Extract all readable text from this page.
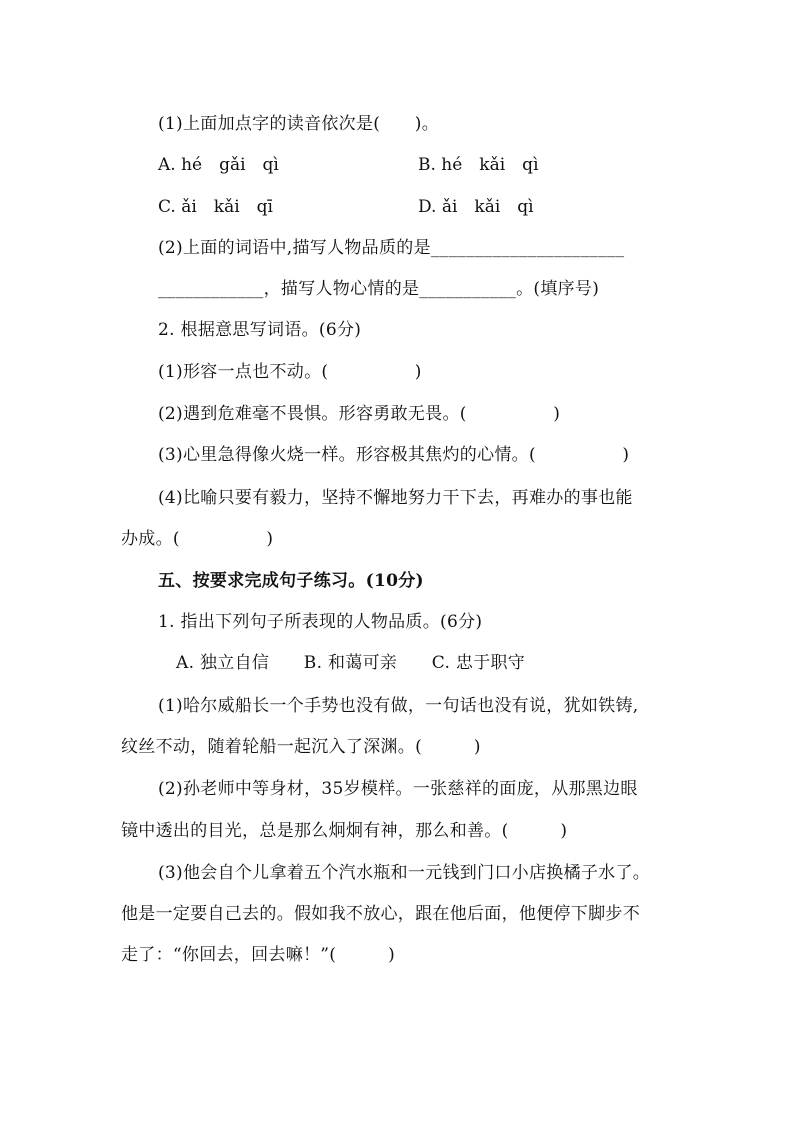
(1)上面加点字的读音依次是(　　)。
A. hé　gǎi　qì	B. hé　kǎi　qì
C. ǎi　kǎi　qī	D. ǎi　kǎi　qì
(2)上面的词语中,描写人物品质的是______________________
____________，描写人物心情的是___________。(填序号)
2. 根据意思写词语。(6分)
(1)形容一点也不动。(　　　　　)
(2)遇到危难毫不畏惧。形容勇敢无畏。(　　　　　)
(3)心里急得像火烧一样。形容极其焦灼的心情。(　　　　　)
(4)比喻只要有毅力，坚持不懈地努力干下去，再难办的事也能
办成。(　　　　　)
五、按要求完成句子练习。(10分)
1. 指出下列句子所表现的人物品质。(6分)
A. 独立自信　　B. 和蔼可亲　　C. 忠于职守
(1)哈尔威船长一个手势也没有做，一句话也没有说，犹如铁铸,
纹丝不动，随着轮船一起沉入了深渊。(　　　)
(2)孙老师中等身材，35岁模样。一张慈祥的面庞，从那黑边眼
镜中透出的目光，总是那么炯炯有神，那么和善。(　　　)
(3)他会自个儿拿着五个汽水瓶和一元钱到门口小店换橘子水了。
他是一定要自己去的。假如我不放心，跟在他后面，他便停下脚步不
走了：“你回去，回去嘛！”(　　　)
